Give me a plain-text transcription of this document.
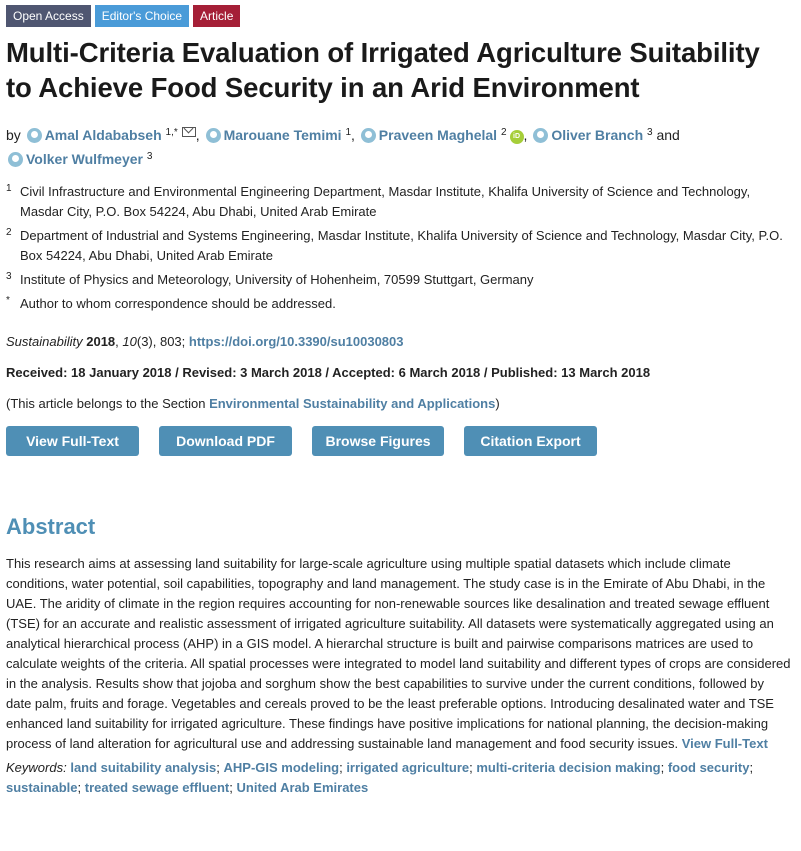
Open Access	Editor's Choice	Article
Multi-Criteria Evaluation of Irrigated Agriculture Suitability to Achieve Food Security in an Arid Environment
by Amal Aldababseh $^{1,*}$ , Marouane Temimi $^1$, Praveen Maghelal $^2$ iD , Oliver Branch $^3$ and
Volker Wulfmeyer $^3$
1 Civil Infrastructure and Environmental Engineering Department, Masdar Institute, Khalifa University of Science and Technology, Masdar City, P.O. Box 54224, Abu Dhabi, United Arab Emirate
2 Department of Industrial and Systems Engineering, Masdar Institute, Khalifa University of Science and Technology, Masdar City, P.O. Box 54224, Abu Dhabi, United Arab Emirate
3 Institute of Physics and Meteorology, University of Hohenheim, 70599 Stuttgart, Germany
* Author to whom correspondence should be addressed.
Sustainability 2018, 10(3), 803; https://doi.org/10.3390/su10030803
Received: 18 January 2018 / Revised: 3 March 2018 / Accepted: 6 March 2018 / Published: 13 March 2018
(This article belongs to the Section Environmental Sustainability and Applications)
View Full-Text	Download PDF	Browse Figures	Citation Export
Abstract
This research aims at assessing land suitability for large-scale agriculture using multiple spatial datasets which include climate conditions, water potential, soil capabilities, topography and land management. The study case is in the Emirate of Abu Dhabi, in the UAE. The aridity of climate in the region requires accounting for non-renewable sources like desalination and treated sewage effluent (TSE) for an accurate and realistic assessment of irrigated agriculture suitability. All datasets were systematically aggregated using an analytical hierarchical process (AHP) in a GIS model. A hierarchal structure is built and pairwise comparisons matrices are used to calculate weights of the criteria. All spatial processes were integrated to model land suitability and different types of crops are considered in the analysis. Results show that jojoba and sorghum show the best capabilities to survive under the current conditions, followed by date palm, fruits and forage. Vegetables and cereals proved to be the least preferable options. Introducing desalinated water and TSE enhanced land suitability for irrigated agriculture. These findings have positive implications for national planning, the decision-making process of land alteration for agricultural use and addressing sustainable land management and food security issues. View Full-Text
Keywords: land suitability analysis; AHP-GIS modeling; irrigated agriculture; multi-criteria decision making; food security; sustainable; treated sewage effluent; United Arab Emirates
